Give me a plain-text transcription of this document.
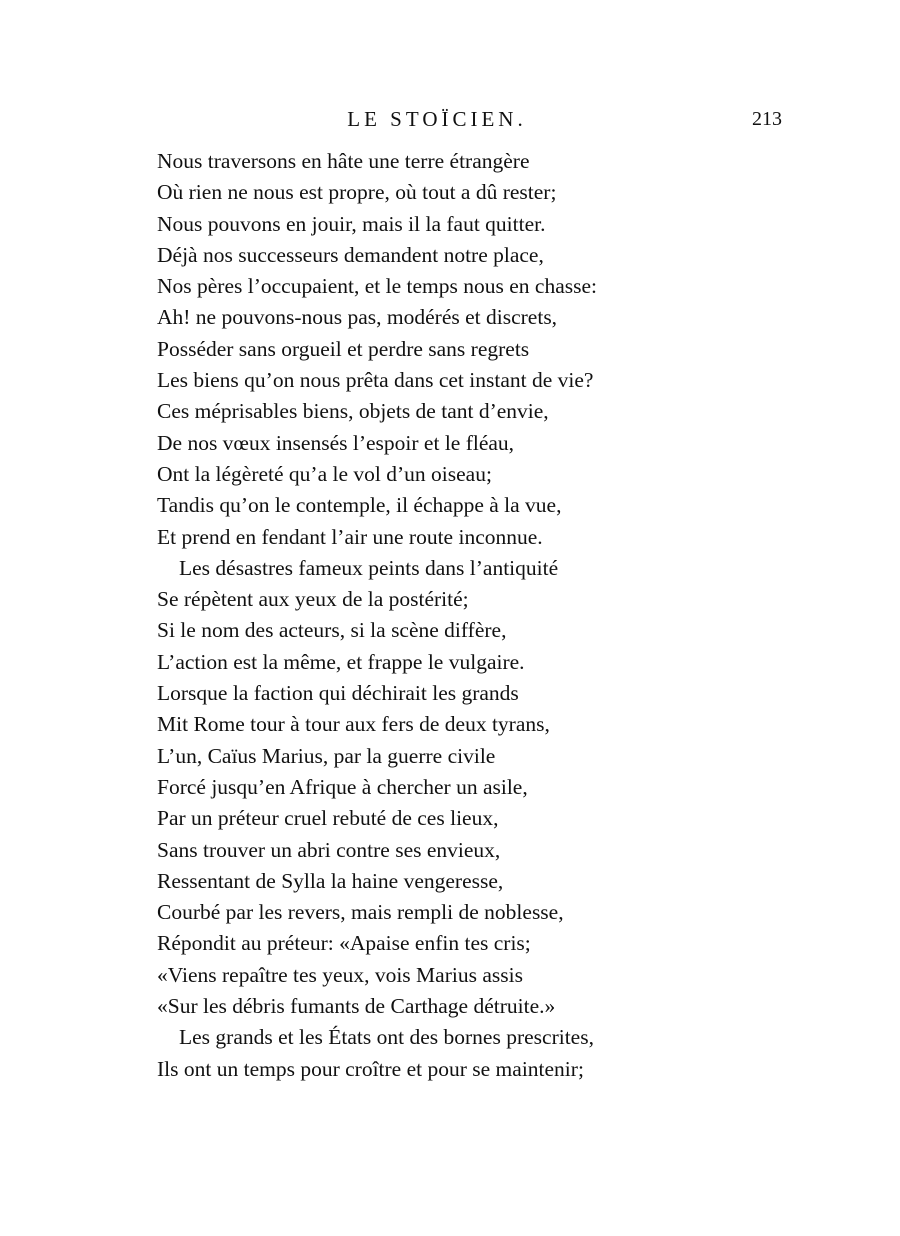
LE STOÏCIEN.	213
Nous traversons en hâte une terre étrangère
Où rien ne nous est propre, où tout a dû rester;
Nous pouvons en jouir, mais il la faut quitter.
Déjà nos successeurs demandent notre place,
Nos pères l’occupaient, et le temps nous en chasse:
Ah! ne pouvons-nous pas, modérés et discrets,
Posséder sans orgueil et perdre sans regrets
Les biens qu’on nous prêta dans cet instant de vie?
Ces méprisables biens, objets de tant d’envie,
De nos vœux insensés l’espoir et le fléau,
Ont la légèreté qu’a le vol d’un oiseau;
Tandis qu’on le contemple, il échappe à la vue,
Et prend en fendant l’air une route inconnue.
Les désastres fameux peints dans l’antiquité
Se répètent aux yeux de la postérité;
Si le nom des acteurs, si la scène diffère,
L’action est la même, et frappe le vulgaire.
Lorsque la faction qui déchirait les grands
Mit Rome tour à tour aux fers de deux tyrans,
L’un, Caïus Marius, par la guerre civile
Forcé jusqu’en Afrique à chercher un asile,
Par un préteur cruel rebuté de ces lieux,
Sans trouver un abri contre ses envieux,
Ressentant de Sylla la haine vengeresse,
Courbé par les revers, mais rempli de noblesse,
Répondit au préteur: «Apaise enfin tes cris;
«Viens repaître tes yeux, vois Marius assis
«Sur les débris fumants de Carthage détruite.»
Les grands et les États ont des bornes prescrites,
Ils ont un temps pour croître et pour se maintenir;
